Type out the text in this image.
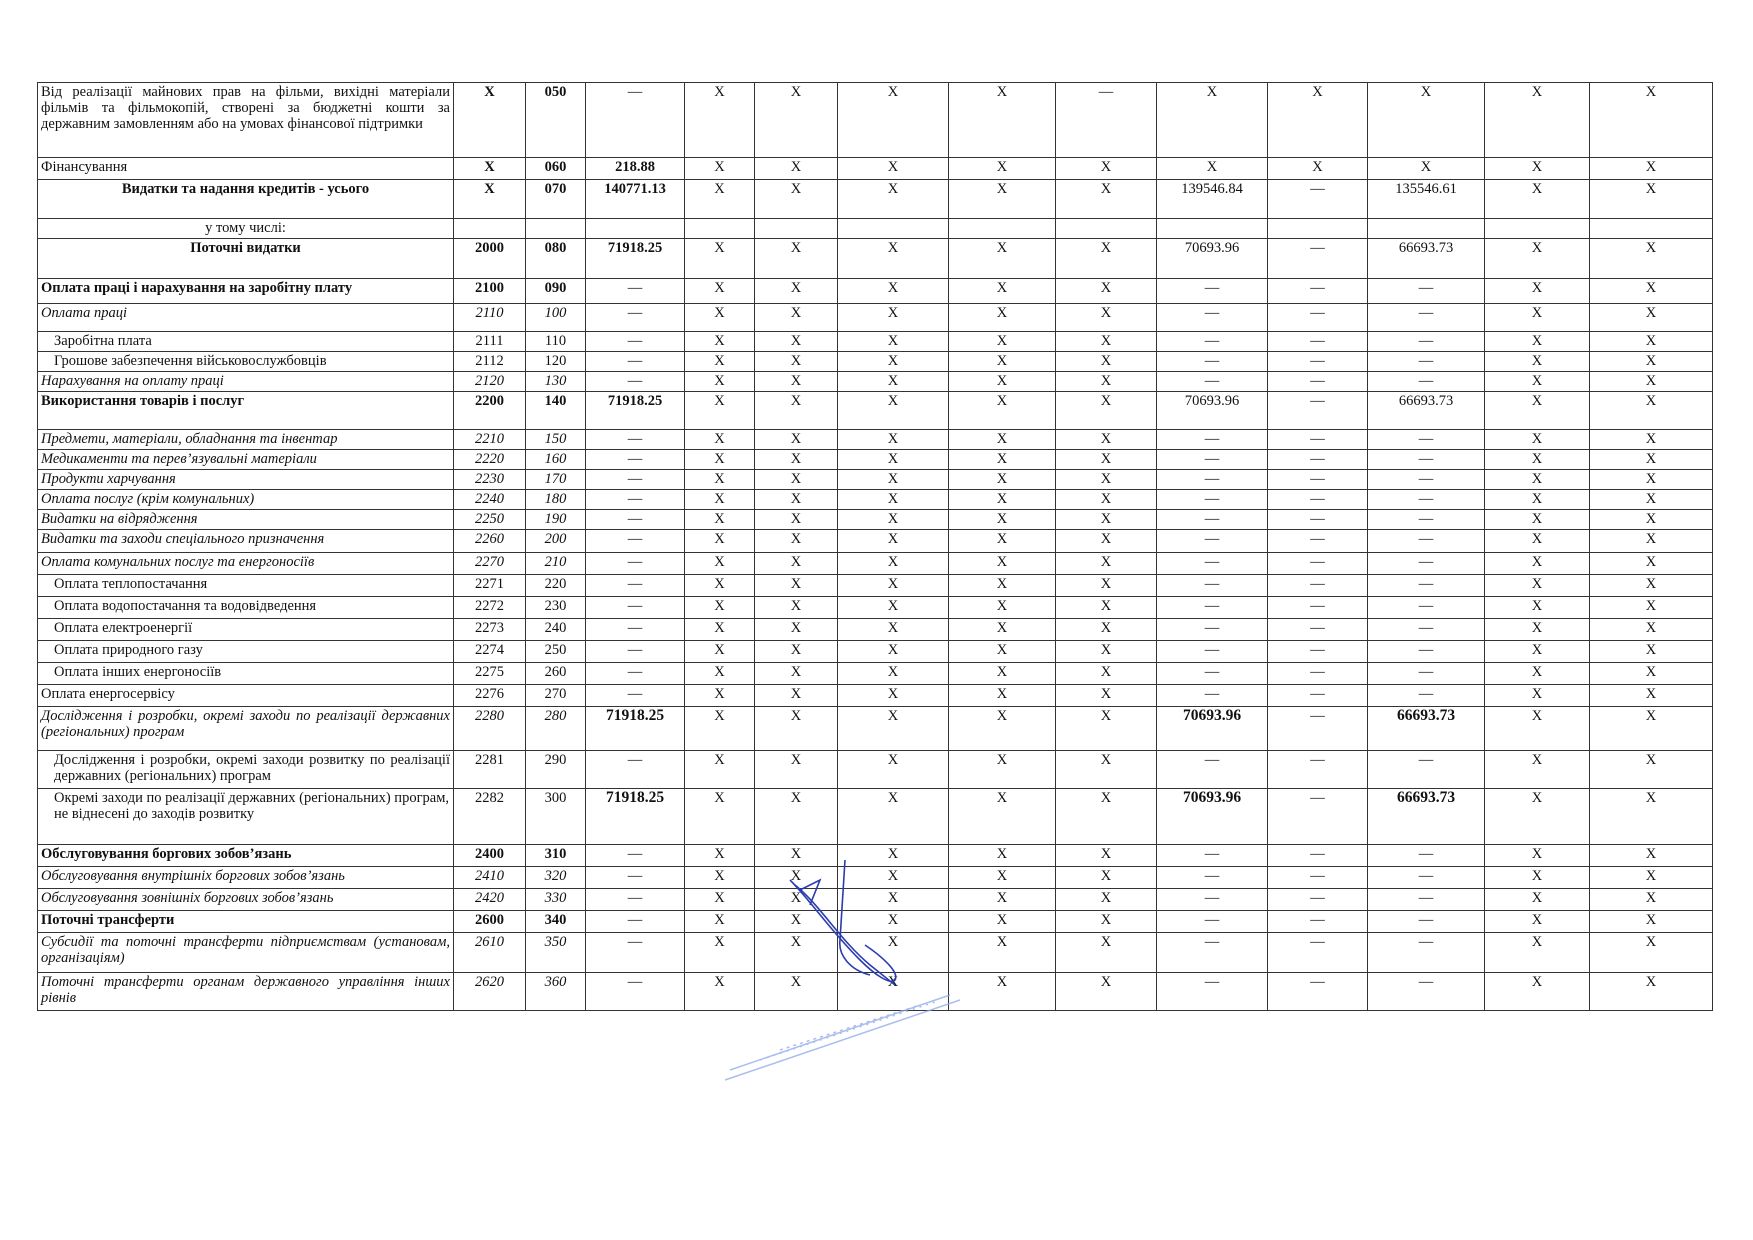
Від реалізації майнових прав на фільми, вихідні матеріали фільмів та фільмокопій, створені за бюджетні кошти за державним замовленням або на умовах фінансової підтримки	X	050	—	X	X	X	X	—	X	X	X	X	X
Фінансування	X	060	218.88	X	X	X	X	X	X	X	X	X	X
Видатки та надання кредитів - усього	X	070	140771.13	X	X	X	X	X	139546.84	—	135546.61	X	X
у тому числі:													
Поточні видатки	2000	080	71918.25	X	X	X	X	X	70693.96	—	66693.73	X	X
Оплата праці і нарахування на заробітну плату	2100	090	—	X	X	X	X	X	—	—	—	X	X
Оплата праці	2110	100	—	X	X	X	X	X	—	—	—	X	X
Заробітна плата	2111	110	—	X	X	X	X	X	—	—	—	X	X
Грошове забезпечення військовослужбовців	2112	120	—	X	X	X	X	X	—	—	—	X	X
Нарахування на оплату праці	2120	130	—	X	X	X	X	X	—	—	—	X	X
Використання товарів і послуг	2200	140	71918.25	X	X	X	X	X	70693.96	—	66693.73	X	X
Предмети, матеріали, обладнання та інвентар	2210	150	—	X	X	X	X	X	—	—	—	X	X
Медикаменти та перев’язувальні матеріали	2220	160	—	X	X	X	X	X	—	—	—	X	X
Продукти харчування	2230	170	—	X	X	X	X	X	—	—	—	X	X
Оплата послуг (крім комунальних)	2240	180	—	X	X	X	X	X	—	—	—	X	X
Видатки на відрядження	2250	190	—	X	X	X	X	X	—	—	—	X	X
Видатки та заходи спеціального призначення	2260	200	—	X	X	X	X	X	—	—	—	X	X
Оплата комунальних послуг та енергоносіїв	2270	210	—	X	X	X	X	X	—	—	—	X	X
Оплата теплопостачання	2271	220	—	X	X	X	X	X	—	—	—	X	X
Оплата водопостачання та водовідведення	2272	230	—	X	X	X	X	X	—	—	—	X	X
Оплата електроенергії	2273	240	—	X	X	X	X	X	—	—	—	X	X
Оплата природного газу	2274	250	—	X	X	X	X	X	—	—	—	X	X
Оплата інших енергоносіїв	2275	260	—	X	X	X	X	X	—	—	—	X	X
Оплата енергосервісу	2276	270	—	X	X	X	X	X	—	—	—	X	X
Дослідження і розробки, окремі заходи по реалізації державних (регіональних) програм	2280	280	71918.25	X	X	X	X	X	70693.96	—	66693.73	X	X
Дослідження і розробки, окремі заходи розвитку по реалізації державних (регіональних) програм	2281	290	—	X	X	X	X	X	—	—	—	X	X
Окремі заходи по реалізації державних (регіональних) програм, не віднесені до заходів розвитку	2282	300	71918.25	X	X	X	X	X	70693.96	—	66693.73	X	X
Обслуговування боргових зобов’язань	2400	310	—	X	X	X	X	X	—	—	—	X	X
Обслуговування внутрішніх боргових зобов’язань	2410	320	—	X	X	X	X	X	—	—	—	X	X
Обслуговування зовнішніх боргових зобов’язань	2420	330	—	X	X	X	X	X	—	—	—	X	X
Поточні трансферти	2600	340	—	X	X	X	X	X	—	—	—	X	X
Субсидії та поточні трансферти підприємствам (установам, організаціям)	2610	350	—	X	X	X	X	X	—	—	—	X	X
Поточні трансферти органам державного управління інших рівнів	2620	360	—	X	X	X	X	X	—	—	—	X	X
